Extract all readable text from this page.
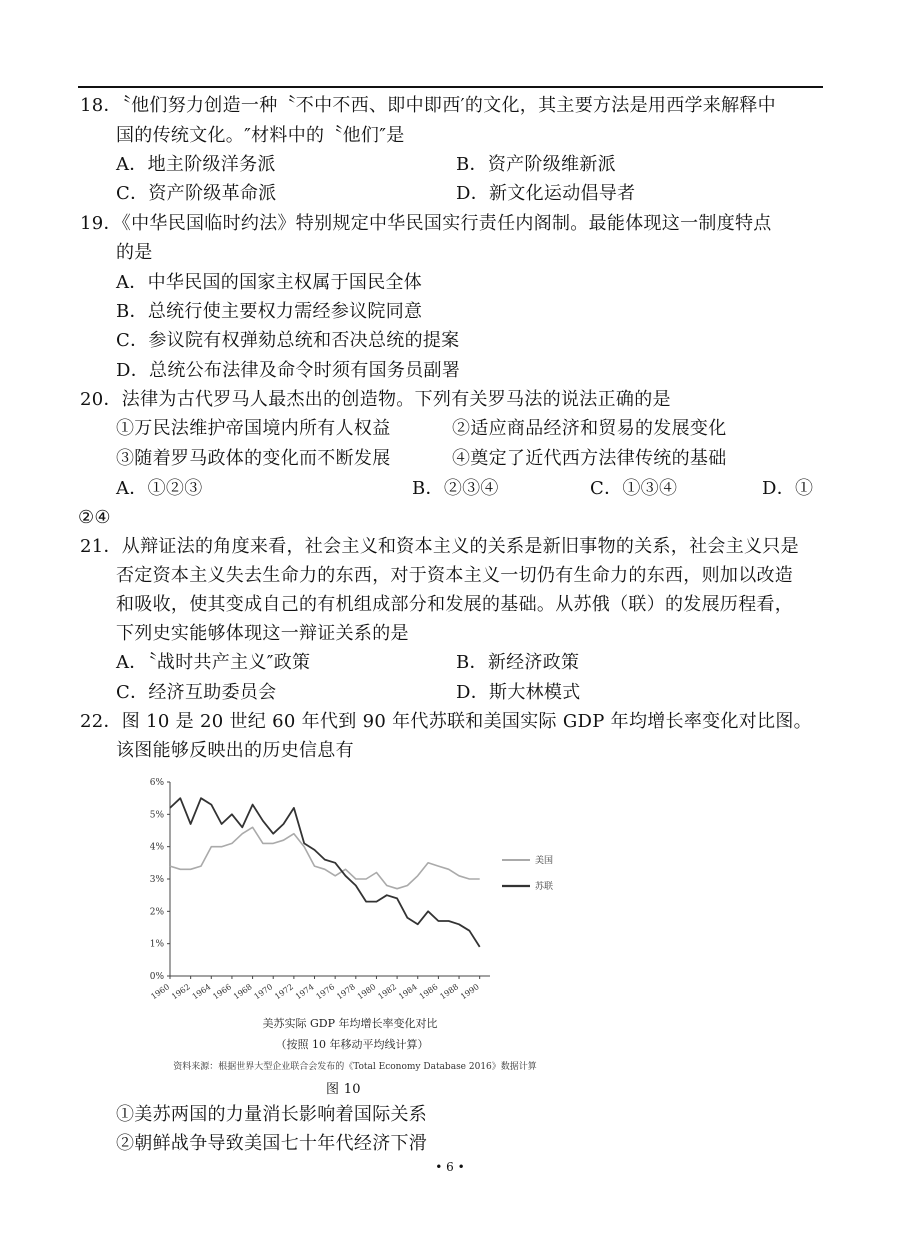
18．〝他们努力创造一种〝不中不西、即中即西′的文化，其主要方法是用西学来解释中
国的传统文化。″材料中的〝他们″是
A．地主阶级洋务派	B．资产阶级维新派
C．资产阶级革命派	D．新文化运动倡导者
19．《中华民国临时约法》特别规定中华民国实行责任内阁制。最能体现这一制度特点
的是
A．中华民国的国家主权属于国民全体
B．总统行使主要权力需经参议院同意
C．参议院有权弹劾总统和否决总统的提案
D．总统公布法律及命令时须有国务员副署
20．法律为古代罗马人最杰出的创造物。下列有关罗马法的说法正确的是
①万民法维护帝国境内所有人权益	②适应商品经济和贸易的发展变化
③随着罗马政体的变化而不断发展	④奠定了近代西方法律传统的基础
A．①②③	B．②③④	C．①③④	D．①
②④
21．从辩证法的角度来看，社会主义和资本主义的关系是新旧事物的关系，社会主义只是
否定资本主义失去生命力的东西，对于资本主义一切仍有生命力的东西，则加以改造
和吸收，使其变成自己的有机组成部分和发展的基础。从苏俄（联）的发展历程看，
下列史实能够体现这一辩证关系的是
A．〝战时共产主义″政策	B．新经济政策
C．经济互助委员会	D．斯大林模式
22．图 10 是 20 世纪 60 年代到 90 年代苏联和美国实际 GDP 年均增长率变化对比图。
该图能够反映出的历史信息有
0%
1%
2%
3%
4%
5%
6%
1960
1962
1964
1966
1968
1970
1972
1974
1976
1978
1980
1982
1984
1986
1988
1990
美国
苏联
美苏实际 GDP 年均增长率变化对比
（按照 10 年移动平均线计算）
资料来源：根据世界大型企业联合会发布的《Total Economy Database 2016》数据计算
图 10
①美苏两国的力量消长影响着国际关系
②朝鲜战争导致美国七十年代经济下滑
• 6 •
